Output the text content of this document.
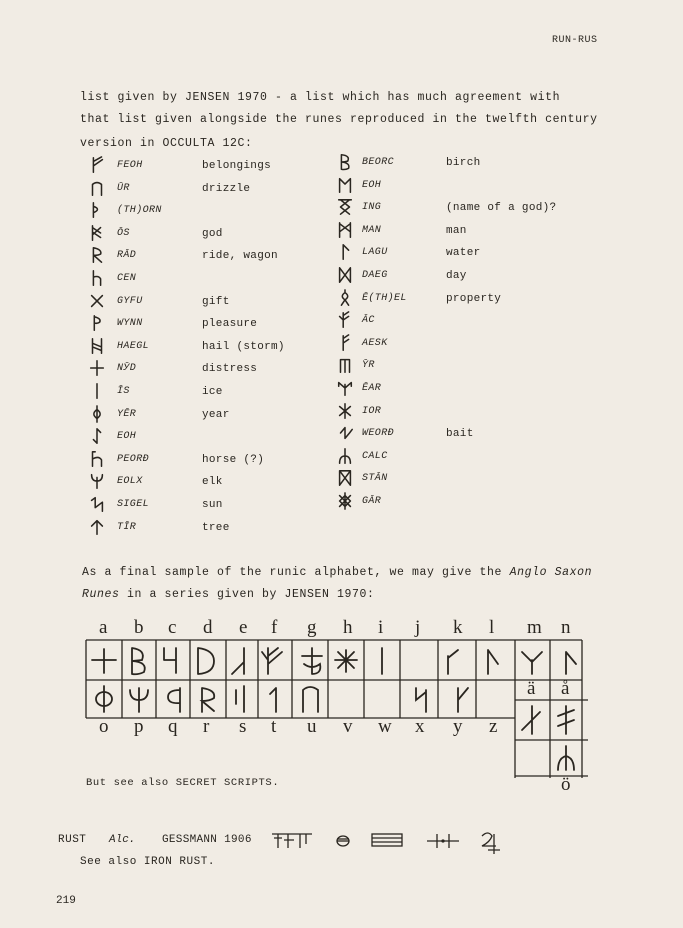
RUN-RUS
list given by JENSEN 1970 - a list which has much agreement with
that list given alongside the runes reproduced in the twelfth century
version in OCCULTA 12C:
FEOH	belongings
ŪR	drizzle
(TH)ORN
ŌS	god
RĀD	ride, wagon
CEN
GYFU	gift
WYNN	pleasure
HAEGL	hail (storm)
NӮD	distress
ĪS	ice
YĒR	year
EOH
PEORĐ	horse (?)
EOLX	elk
SIGEL	sun
TĪR	tree
BEORC	birch
EOH
ING	(name of a god)?
MAN	man
LAGU	water
DAEG	day
Ē(TH)EL	property
ĀC
AESK
ȲR
ĒAR
IOR
WEORĐ	bait
CALC
STĀN
GĀR
As a final sample of the runic alphabet, we may give the Anglo Saxon
Runes in a series given by JENSEN 1970:
a b c d e f g h i j k l m n
o p q r s t u v w x y z
ä å
ö
But see also SECRET SCRIPTS.
RUST Alc. GESSMANN 1906
See also IRON RUST.
219
